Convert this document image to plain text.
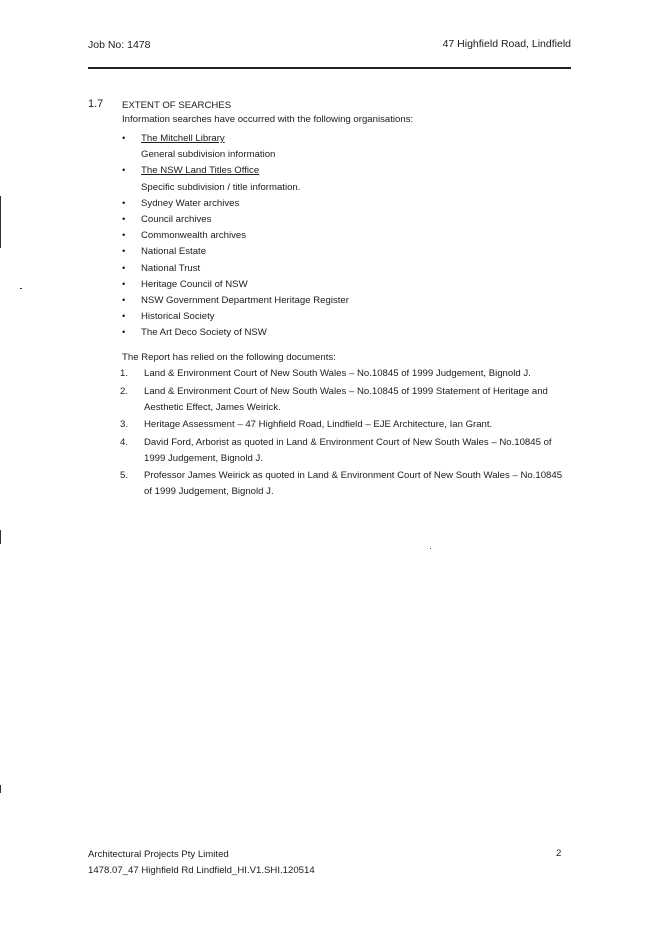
Job No: 1478	47 Highfield Road, Lindfield
1.7 EXTENT OF SEARCHES
Information searches have occurred with the following organisations:
• The Mitchell Library
General subdivision information
• The NSW Land Titles Office
Specific subdivision / title information.
• Sydney Water archives
• Council archives
• Commonwealth archives
• National Estate
• National Trust
• Heritage Council of NSW
• NSW Government Department Heritage Register
• Historical Society
• The Art Deco Society of NSW
The Report has relied on the following documents:
1. Land & Environment Court of New South Wales – No.10845 of 1999 Judgement, Bignold J.
2. Land & Environment Court of New South Wales – No.10845 of 1999 Statement of Heritage and Aesthetic Effect, James Weirick.
3. Heritage Assessment – 47 Highfield Road, Lindfield – EJE Architecture, Ian Grant.
4. David Ford, Arborist as quoted in Land & Environment Court of New South Wales – No.10845 of 1999 Judgement, Bignold J.
5. Professor James Weirick as quoted in Land & Environment Court of New South Wales – No.10845 of 1999 Judgement, Bignold J.
Architectural Projects Pty Limited
1478.07_47 Highfield Rd Lindfield_HI.V1.SHI.120514
2
